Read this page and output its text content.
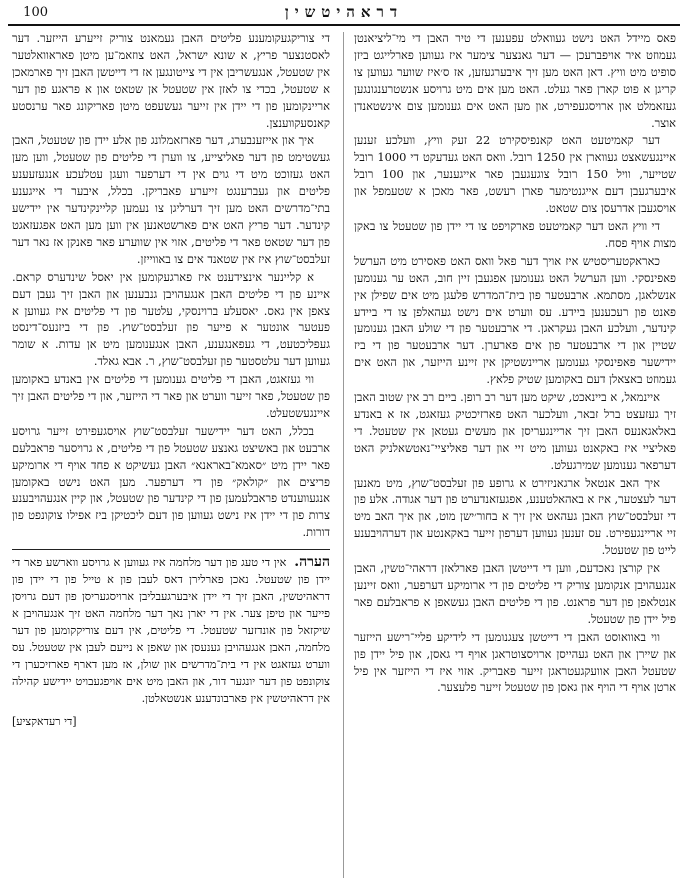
100	דראהיטשין

פאס מיידל האט נישט געוואלט עפענען די טיר האבן די מי־ליציאנטן געמוזט איר אויפברעכן — דער גאנצער צימער איז געווען פארלייגט ביזן סופיט מיט וויץ. דאן האט מען זיך איבערגעזען, אז ס׳איז שווער געווען צו קריגן א פוט קארן פאר געלט. האט מען אים מיט גרויסע אנשטרענגונגען געזאמלט און ארויסגעפירט, און מען האט אים גענומען צום אינשטאנדן אוצר.

דער קאמיטעט האט קאנפיסקירט 22 זעק וויץ, וועלכע זענען איינגעשאצט געווארן אין 1250 רובל. וואס האט געדעקט די 1000 רובל שטייער, וויל 150 רובל צוגעגעבן פאר אייגענער, און 100 רובל איבערגעבן דעם אייגנטימער פארן רעשט, פאר מאכן א שטעמפל און אויסגעבן אדרעסן צום שטאט.

די וויץ האט דער קאמיטעט פארקויפט צו די יידן פון שטעטל צו באקן מצות אויף פסח.

כאראקטעריסטיש איז אויך דער פאל וואס האט פאסירט מיט הערשל פאפינסקי. ווען הערשל האט גענומען אפגעבן זיין חוב, האט ער גענומען אנשלאגן, מסתמא. ארבעטער פון בית־המדרש פלעגן מיט אים שפילן אין פאנט פון רעכענען ביידע. עס ווערט אים נישט געהאלפן צו די ביידע קינדער, וועלכע האבן געקראגן. די ארבעטער פון די שולע האבן גענומען שטיין און די ארבעטער פון אים פארערן. דער ארבעטער פון די ביז יידישער פאפינסקי גענומען אריינשטיקן אין זיינע הייזער, און האט אים געמוזט באצאלן דעם באקומען שטיק פלאץ.

איינמאל, א ביינאכט, שיקט מען דער רב רופן. ביים רב אין שטוב האבן זיך געזעצט ברל זבאר, וועלכער האט פארזיכטיק געזאגט, אז א באנדע באלאגאנעס האבן זיך אריינגעריסן און מעשים געטאן אין שטעטל. די פאליציי איז באקאנט געווען מיט זיי און דער פאליציי־נאטשאלניק האט דערפאר גענומען שמירגעלט.

איך האב אנטאל ארגאניזירט א גרופע פון זעלבסט־שוץ, מיט מאנען דער לעצטער, איז א באהאלטענע, אפגעזאנדערט פון דער אגודה. אלע פון די זעלבסט־שוץ האבן געהאט אין זיך א בחור׳ישן מוט, און איך האב מיט זיי אריינגעפירט. עס זענען געווען דערפון זייער באקאנטע און דערהויבענע לייט פון שטעטל.

אין קורצן נאכדעם, ווען די דייטשן האבן פארלאזן דראהי־טשין, האבן אנגעהויבן אנקומען צוריק די פליטים פון די ארומיקע דערפער, וואס זיינען אנטלאפן פון דער פראנט. פון די פליטים האבן געשאפן א פראבלעם פאר פיל יידן פון שטעטל.

ווי באוואוסט האבן די דייטשן צעגנומען די לידיקע פליי־רישע הייזער און שיירן און האט געהייסן ארויסצוטראגן אויף די גאסן, און פיל יידן פון שטעטל האבן אוועקגעטראגן זייער פאבריק. אזוי איז די הייזער אין פיל ארטן אויף די הויף און גאסן פון שטעטל זייער פלעצער.

די צוריקגעקומענע פליטים האבן געמאנט צוריק זייערע הייזער. דער לאסטנצער פריץ, א שונא ישראל, האט צוזאמ־ען מיטן פאראוואלטער אין שטעטל, אנגעשריבן אין די צייטונגען אז די דייטשן האבן זיך פארמאכן א שטעטל, בכדי צו לאזן אין שטעטל אן שטאט און א פראגע פון דער אריינקומען פון די יידן אין זייער געשעפט מיטן פאריקונג פאר ערנסטע קאנסעקווענצן.

איך און אייזענבערג, דער פארזאמלונג פון אלע יידן פון שטעטל, האבן געשטימט פון דער פאליצייע, צו ווערן די פליטים פון שטעטל, ווען מען האט געזוכט מיט די גוים אין די דערפער וועגן עטלעכע אנגעזעענע פליטים און געברענגט זייערע פאבריקן. בכלל, איבער די אייגענע בתי־מדרשים האט מען זיך דערליגן צו נעמען קליינקינדער אין יידישע קינדער. דער פריץ האט אים פארשטאנען אין ווען מען האט אפגעזאגט פון דער שטאט פאר די פליטים, אזוי אין שווערע פאר פאנקן אז נאר דער זעלבסט־שוץ איז אין שטאנד אים צו באווייזן.

א קליינער אינצידענט איז פארגעקומען אין יאסל שינדערס קראם. איינע פון די פליטים האבן אנגעהויבן גנבענען און האבן זיך געבן דעם צאפן אין גאס. יאסעלע ברוינסקי, עלטער פון די פליטים איז געווען א פעטער אונטער א פייער פון זעלבסט־שוץ. פון די ביזנעס־דינסט געפליכטעט, די געפאנגענע, האבן אנגענומען מיט אן עדות. א שומר געווען דער עלטסטער פון זעלבסט־שוץ, ר. אבא גאלד.

ווי געזאגט, האבן די פליטים גענומען די פליטים אין באנדע באקומען פון שטעטל, פאר זייער ווערט און פאר די הייזער, און די פליטים האבן זיך איינגעשטעלט.

בכלל, האט דער יידישער זעלבסט־שוץ אויסגעפירט זייער גרויסע ארבעט און באשיצט גאנצע שטעטל פון די פליטים, א גרויסער פראבלעם פאר יידן מיט ״סאמא־באראנא״ האבן געשיקט א פחד אויף די ארומיקע פריצים און ״קולאק״ פון די דערפער. מען האט נישט באקומען אנגעווענדט פראבלעמען פון די קינדער פון שטעטל, און קיין אנגעהויבענע צרות פון די יידן איז נישט געווען פון דעם ליכטיקן ביז אפילו צוקונפט פון דורות.

הערה. אין די טעג פון דער מלחמה איז געווען א גרויסע ווארשע פאר די יידן פון שטעטל. נאכן פארלירן דאס לעבן פון א טייל פון די יידן פון דראהיטשין, האבן זיך די יידן איבערגעבליבן ארויסגעריסן פון דעם גרויסן פייער און טיפן צער. אין די יארן נאך דער מלחמה האט זיך אנגעהויבן א שיקזאל פון אונדזער שטעטל. די פליטים, אין דעם צוריקקומען פון דער מלחמה, האבן אנגעהויבן גענעסן און שאפן א נייעם לעבן אין שטעטל. עס ווערט געזאגט אין די בית־מדרשים און שולן, אז מען דארף פארזיכערן די צוקונפט פון דער יונגער דור, און האבן מיט אים אויפגעבויט יידישע קהילה אין דראהיטשין אין פארבונדענע אנשטאלטן.
[די רעדאקציע]
